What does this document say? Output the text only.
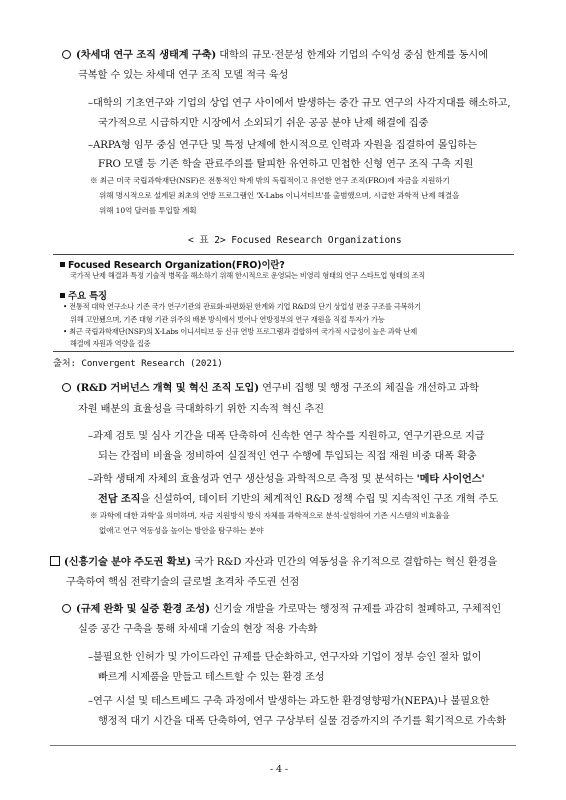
(차세대 연구 조직 생태계 구축) 대학의 규모·전문성 한계와 기업의 수익성 중심 한계를 동시에
극복할 수 있는 차세대 연구 조직 모델 적극 육성
–대학의 기초연구와 기업의 상업 연구 사이에서 발생하는 중간 규모 연구의 사각지대를 해소하고,
국가적으로 시급하지만 시장에서 소외되기 쉬운 공공 분야 난제 해결에 집중
–ARPA형 임무 중심 연구단 및 특정 난제에 한시적으로 인력과 자원을 집결하여 몰입하는
FRO 모델 등 기존 학술 관료주의를 탈피한 유연하고 민첩한 신형 연구 조직 구축 지원
※ 최근 미국 국립과학재단(NSF)은 전통적인 학계 밖의 독립적이고 유연한 연구 조직(FRO)에 자금을 지원하기
위해 명시적으로 설계된 최초의 연방 프로그램인 'X-Labs 이니셔티브'를 출범했으며, 시급한 과학적 난제 해결을
위해 10억 달러를 투입할 계획
< 표 2> Focused Research Organizations
Focused Research Organization(FRO)이란?
국가적 난제 해결과 특정 기술적 병목을 해소하기 위해 한시적으로 운영되는 비영리 형태의 연구 스타트업 형태의 조직
주요 특징
• 전통적 대학 연구소나 기존 국가 연구기관의 관료화·파편화된 한계와 기업 R&D의 단기 상업성 편중 구조를 극복하기
위해 고안됐으며, 기존 대형 기관 위주의 배분 방식에서 벗어나 연방정부의 연구 재원을 직접 투자가 가능
• 최근 국립과학재단(NSF)의 X-Labs 이니셔티브 등 신규 연방 프로그램과 결합하여 국가적 시급성이 높은 과학 난제
해결에 자원과 역량을 집중
출처: Convergent Research (2021)
(R&D 거버넌스 개혁 및 혁신 조직 도입) 연구비 집행 및 행정 구조의 체질을 개선하고 과학
자원 배분의 효율성을 극대화하기 위한 지속적 혁신 추진
–과제 검토 및 심사 기간을 대폭 단축하여 신속한 연구 착수를 지원하고, 연구기관으로 지급
되는 간접비 비율을 정비하여 실질적인 연구 수행에 투입되는 직접 재원 비중 대폭 확충
–과학 생태계 자체의 효율성과 연구 생산성을 과학적으로 측정 및 분석하는 '메타 사이언스'
전담 조직을 신설하여, 데이터 기반의 체계적인 R&D 정책 수립 및 지속적인 구조 개혁 주도
※ 과학에 대한 과학'을 의미하며, 자금 지원방식 방식 자체를 과학적으로 분석·실험하여 기존 시스템의 비효율을
없애고 연구 역동성을 높이는 방안을 탐구하는 분야
(신흥기술 분야 주도권 확보) 국가 R&D 자산과 민간의 역동성을 유기적으로 결합하는 혁신 환경을
구축하여 핵심 전략기술의 글로벌 초격차 주도권 선점
(규제 완화 및 실증 환경 조성) 신기술 개발을 가로막는 행정적 규제를 과감히 철폐하고, 구체적인
실증 공간 구축을 통해 차세대 기술의 현장 적용 가속화
–불필요한 인허가 및 가이드라인 규제를 단순화하고, 연구자와 기업이 정부 승인 절차 없이
빠르게 시제품을 만들고 테스트할 수 있는 환경 조성
–연구 시설 및 테스트베드 구축 과정에서 발생하는 과도한 환경영향평가(NEPA)나 불필요한
행정적 대기 시간을 대폭 단축하여, 연구 구상부터 실물 검증까지의 주기를 획기적으로 가속화
- 4 -
